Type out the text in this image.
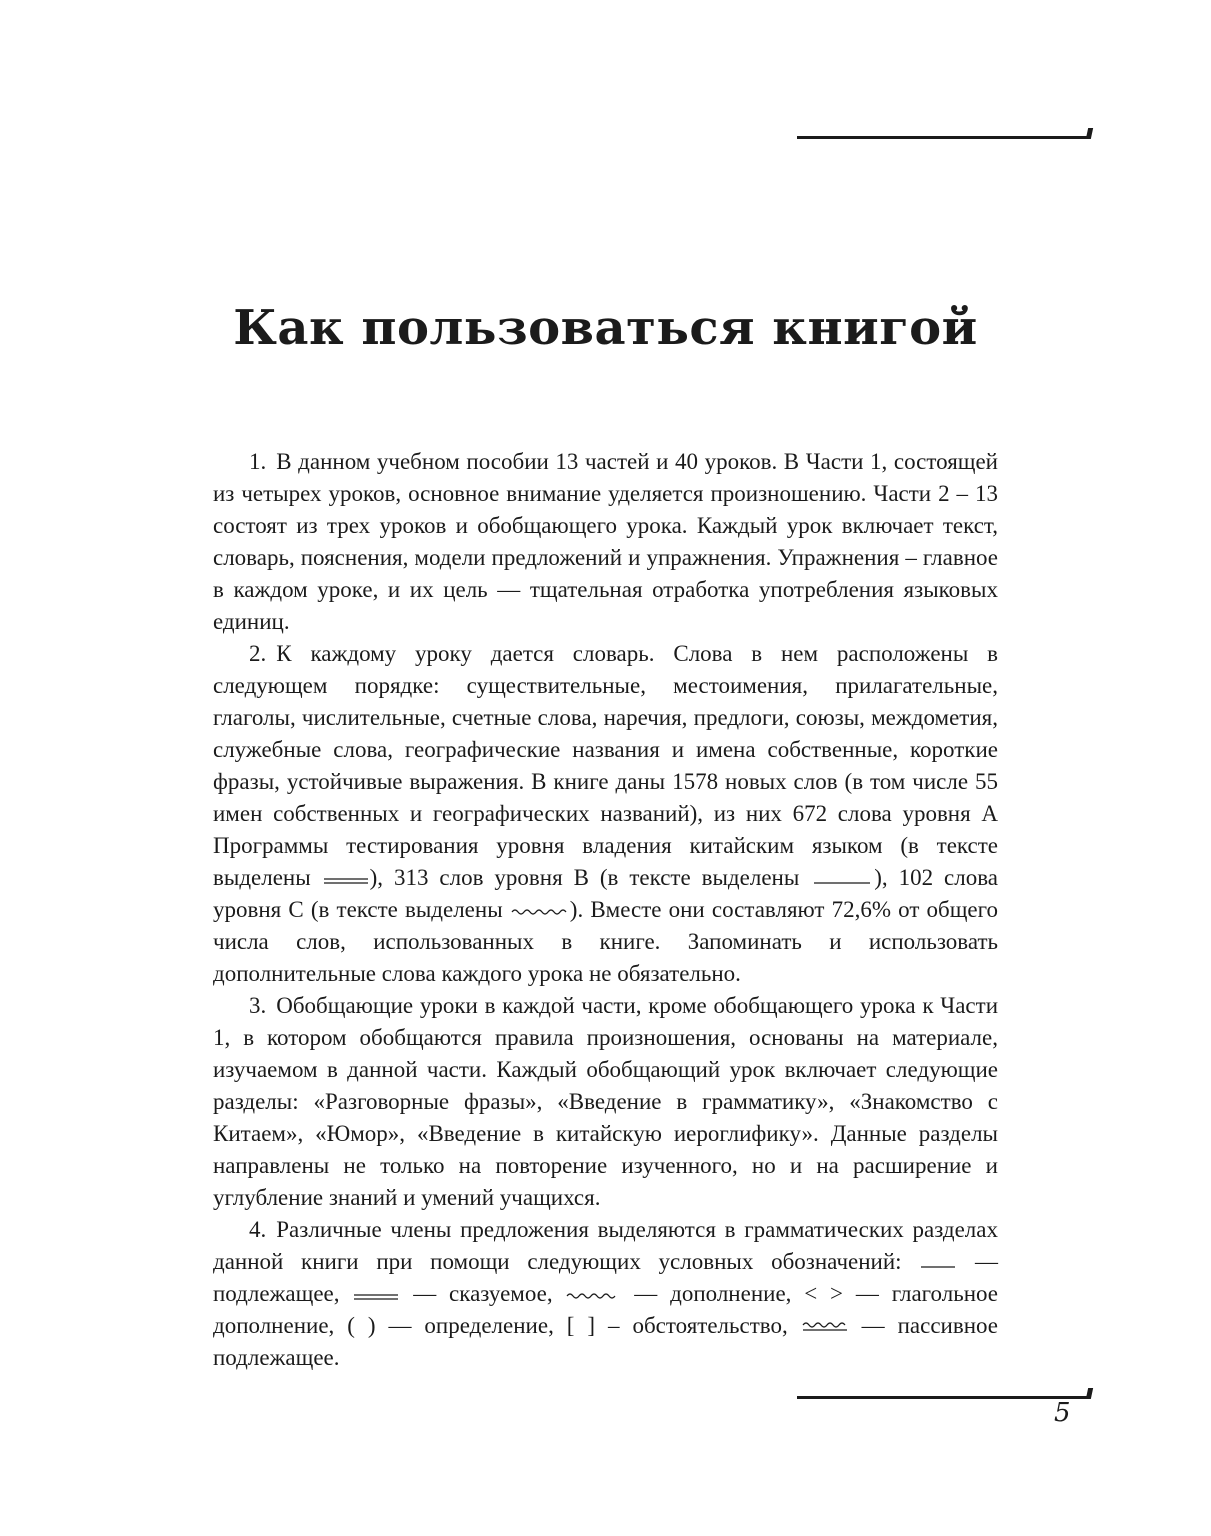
Как пользоваться книгой

1. В данном учебном пособии 13 частей и 40 уроков. В Части 1, состоящей из четырех уроков, основное внимание уделяется произношению. Части 2 – 13 состоят из трех уроков и обобщающего урока. Каждый урок включает текст, словарь, пояснения, модели предложений и упражнения. Упражнения – главное в каждом уроке, и их цель — тщательная отработка употребления языковых единиц.

2. К каждому уроку дается словарь. Слова в нем расположены в следующем порядке: существительные, местоимения, прилагательные, глаголы, числительные, счетные слова, наречия, предлоги, союзы, междометия, служебные слова, географические названия и имена собственные, короткие фразы, устойчивые выражения. В книге даны 1578 новых слов (в том числе 55 имен собственных и географических названий), из них 672 слова уровня А Программы тестирования уровня владения китайским языком (в тексте выделены
), 313 слов уровня В (в тексте выделены	), 102 слова уровня С (в тексте выделены	). Вместе они составляют 72,6% от общего числа слов, использованных в книге. Запоминать и использовать дополнительные слова каждого урока не обязательно.

3. Обобщающие уроки в каждой части, кроме обобщающего урока к Части 1, в котором обобщаются правила произношения, основаны на материале, изучаемом в данной части. Каждый обобщающий урок включает следующие разделы: «Разговорные фразы», «Введение в грамматику», «Знакомство с Китаем», «Юмор», «Введение в китайскую иероглифику». Данные разделы направлены не только на повторение изученного, но и на расширение и углубление знаний и умений учащихся.

4. Различные члены предложения выделяются в грамматических разделах данной книги при помощи следующих условных обозначений:
— подлежащее,
— сказуемое,
— дополнение, < > — глагольное дополнение, ( ) — определение, [ ] – обстоятельство,
— пассивное подлежащее.

5
